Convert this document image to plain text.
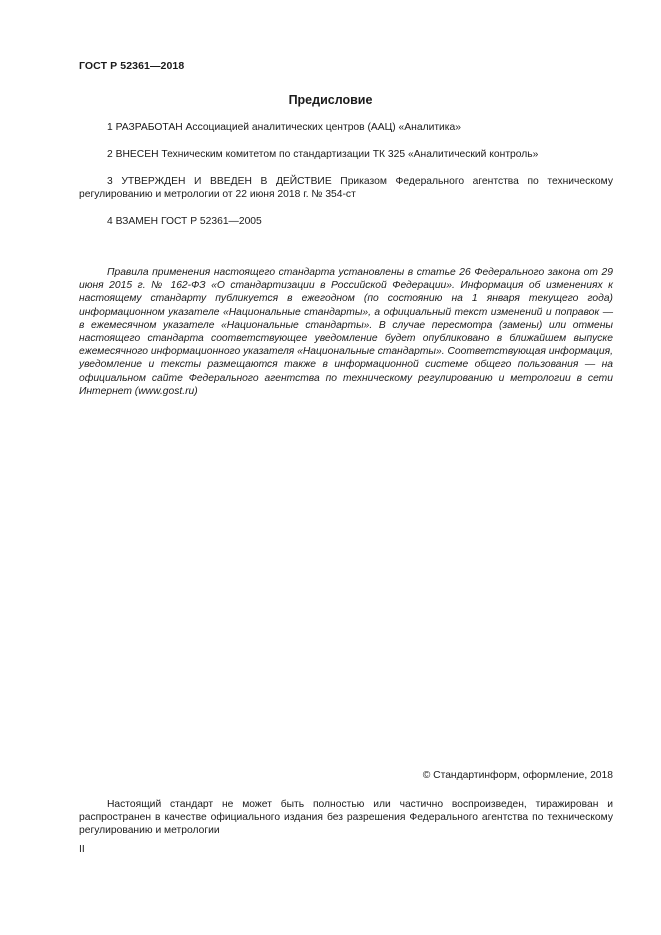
ГОСТ Р 52361—2018
Предисловие
1 РАЗРАБОТАН Ассоциацией аналитических центров (ААЦ) «Аналитика»
2 ВНЕСЕН Техническим комитетом по стандартизации ТК 325 «Аналитический контроль»
3 УТВЕРЖДЕН И ВВЕДЕН В ДЕЙСТВИЕ Приказом Федерального агентства по техническому регулированию и метрологии от 22 июня 2018 г. № 354-ст
4 ВЗАМЕН ГОСТ Р 52361—2005
Правила применения настоящего стандарта установлены в статье 26 Федерального закона от 29 июня 2015 г. № 162-ФЗ «О стандартизации в Российской Федерации». Информация об изменениях к настоящему стандарту публикуется в ежегодном (по состоянию на 1 января текущего года) информационном указателе «Национальные стандарты», а официальный текст изменений и поправок — в ежемесячном указателе «Национальные стандарты». В случае пересмотра (замены) или отмены настоящего стандарта соответствующее уведомление будет опубликовано в ближайшем выпуске ежемесячного информационного указателя «Национальные стандарты». Соответствующая информация, уведомление и тексты размещаются также в информационной системе общего пользования — на официальном сайте Федерального агентства по техническому регулированию и метрологии в сети Интернет (www.gost.ru)
© Стандартинформ, оформление, 2018
Настоящий стандарт не может быть полностью или частично воспроизведен, тиражирован и распространен в качестве официального издания без разрешения Федерального агентства по техническому регулированию и метрологии
II
